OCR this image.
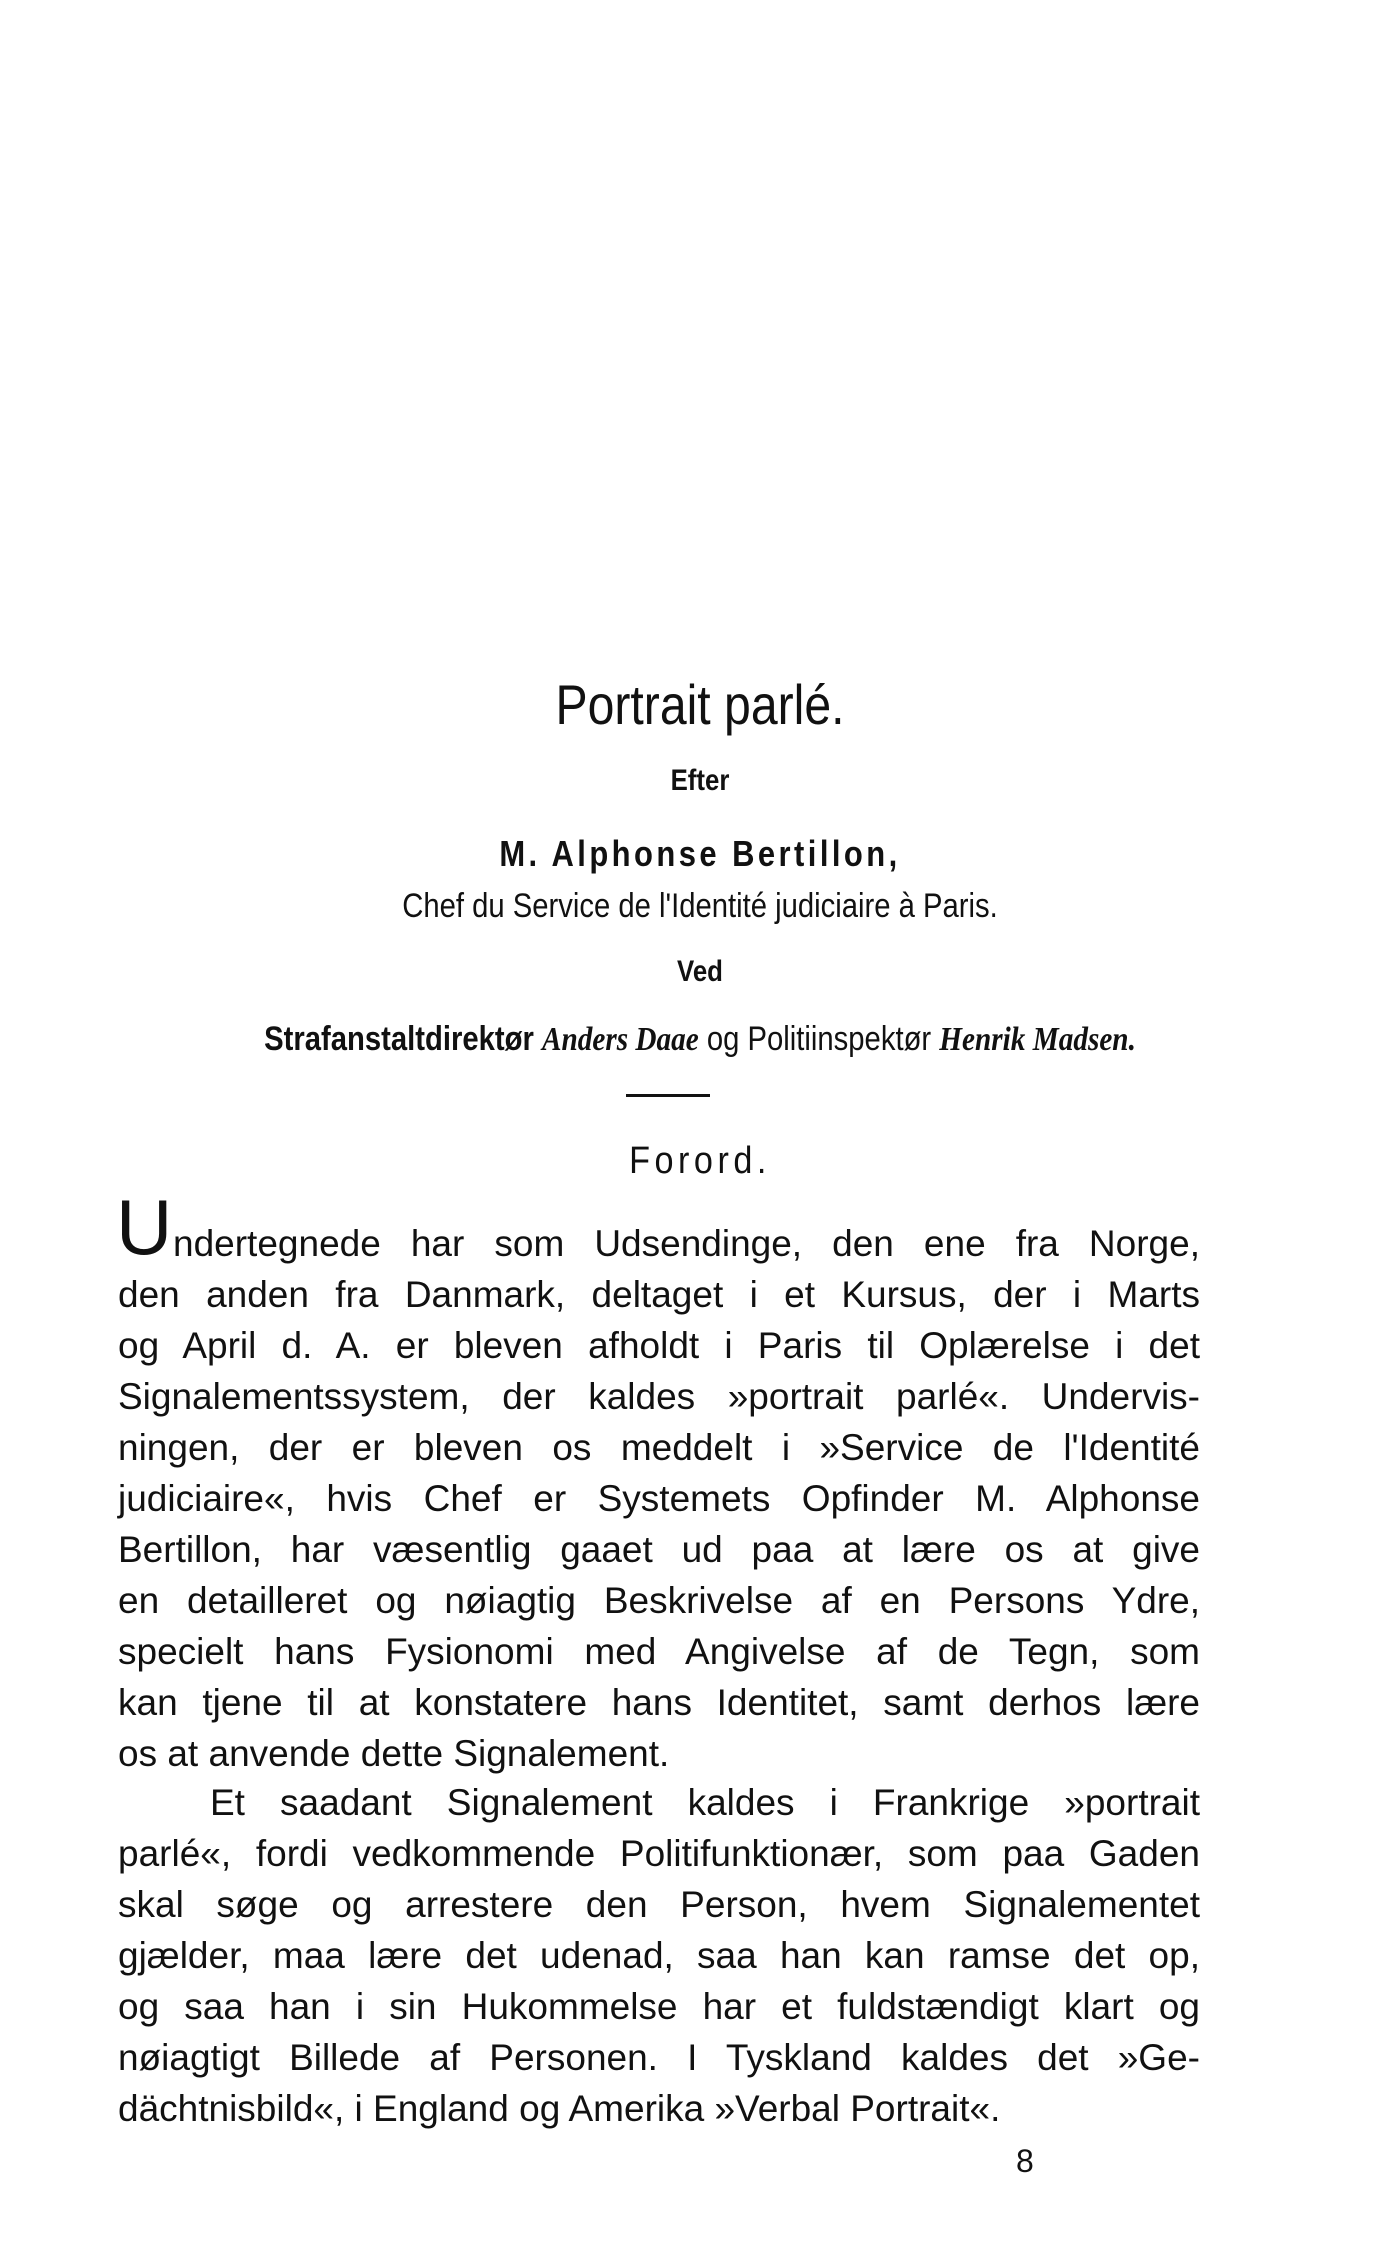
Portrait parlé.
Efter
M. Alphonse Bertillon,
Chef du Service de l'Identité judiciaire à Paris.
Ved
Strafanstaltdirektør Anders Daae og Politiinspektør Henrik Madsen.
Forord.
U ndertegnede har som Udsendinge, den ene fra Norge,
den anden fra Danmark, deltaget i et Kursus, der i Marts
og April d. A. er bleven afholdt i Paris til Oplærelse i det
Signalementssystem, der kaldes »portrait parlé«. Undervis-
ningen, der er bleven os meddelt i »Service de l'Identité
judiciaire«, hvis Chef er Systemets Opfinder M. Alphonse
Bertillon, har væsentlig gaaet ud paa at lære os at give
en detailleret og nøiagtig Beskrivelse af en Persons Ydre,
specielt hans Fysionomi med Angivelse af de Tegn, som
kan tjene til at konstatere hans Identitet, samt derhos lære
os at anvende dette Signalement.
Et saadant Signalement kaldes i Frankrige »portrait
parlé«, fordi vedkommende Politifunktionær, som paa Gaden
skal søge og arrestere den Person, hvem Signalementet
gjælder, maa lære det udenad, saa han kan ramse det op,
og saa han i sin Hukommelse har et fuldstændigt klart og
nøiagtigt Billede af Personen. I Tyskland kaldes det »Ge-
dächtnisbild«, i England og Amerika »Verbal Portrait«.
8
